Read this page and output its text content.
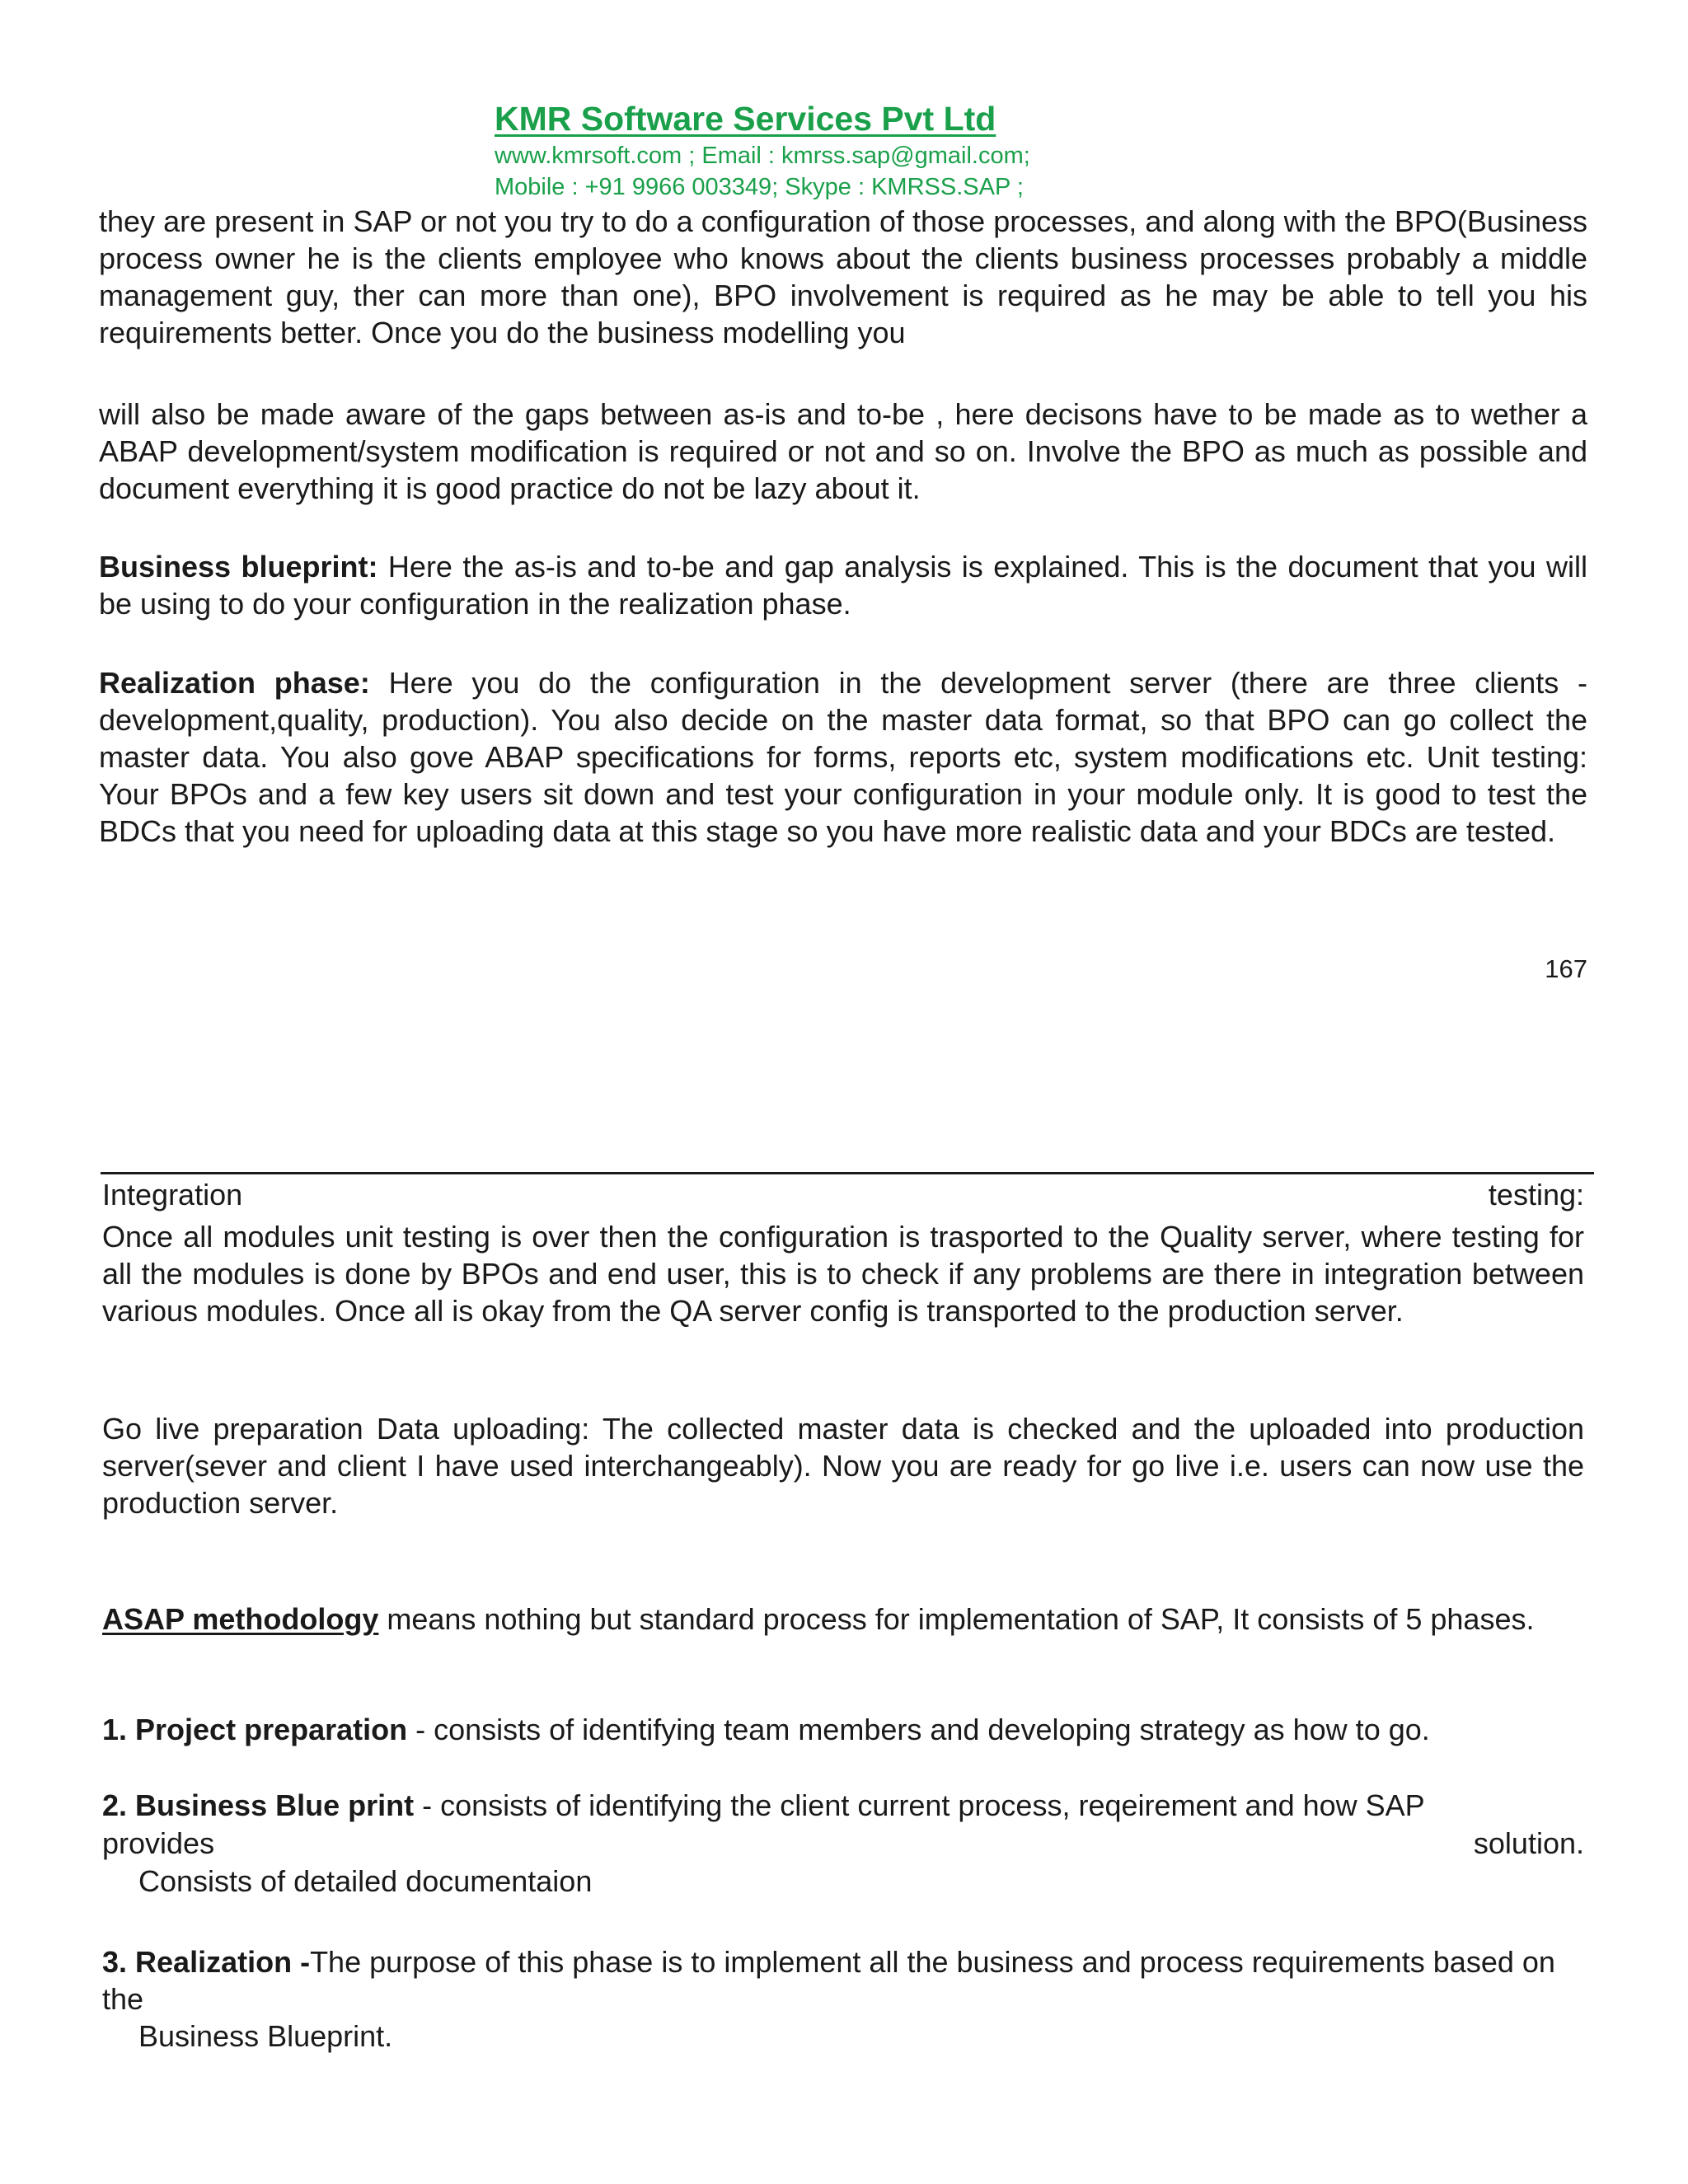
KMR Software Services Pvt Ltd
www.kmrsoft.com ; Email : kmrss.sap@gmail.com;
Mobile : +91 9966 003349; Skype : KMRSS.SAP ;

they are present in SAP or not you try to do a configuration of those processes, and along with the BPO(Business process owner he is the clients employee who knows about the clients business processes probably a middle management guy, ther can more than one), BPO involvement is required as he may be able to tell you his requirements better. Once you do the business modelling you

will also be made aware of the gaps between as-is and to-be , here decisons have to be made as to wether a ABAP development/system modification is required or not and so on. Involve the BPO as much as possible and document everything it is good practice do not be lazy about it.

Business blueprint: Here the as-is and to-be and gap analysis is explained. This is the document that you will be using to do your configuration in the realization phase.

Realization phase: Here you do the configuration in the development server (there are three clients - development,quality, production). You also decide on the master data format, so that BPO can go collect the master data. You also gove ABAP specifications for forms, reports etc, system modifications etc. Unit testing: Your BPOs and a few key users sit down and test your configuration in your module only. It is good to test the BDCs that you need for uploading data at this stage so you have more realistic data and your BDCs are tested.

167
Integration	testing:

Once all modules unit testing is over then the configuration is trasported to the Quality server, where testing for all the modules is done by BPOs and end user, this is to check if any problems are there in integration between various modules. Once all is okay from the QA server config is transported to the production server.

Go live preparation Data uploading: The collected master data is checked and the uploaded into production server(sever and client I have used interchangeably). Now you are ready for go live i.e. users can now use the production server.

ASAP methodology means nothing but standard process for implementation of SAP, It consists of 5 phases.

1. Project preparation - consists of identifying team members and developing strategy as how to go.

2. Business Blue print - consists of identifying the client current process, reqeirement and how SAP

provides	solution.

Consists of detailed documentaion

3. Realization -The purpose of this phase is to implement all the business and process requirements based on the

Business Blueprint.
